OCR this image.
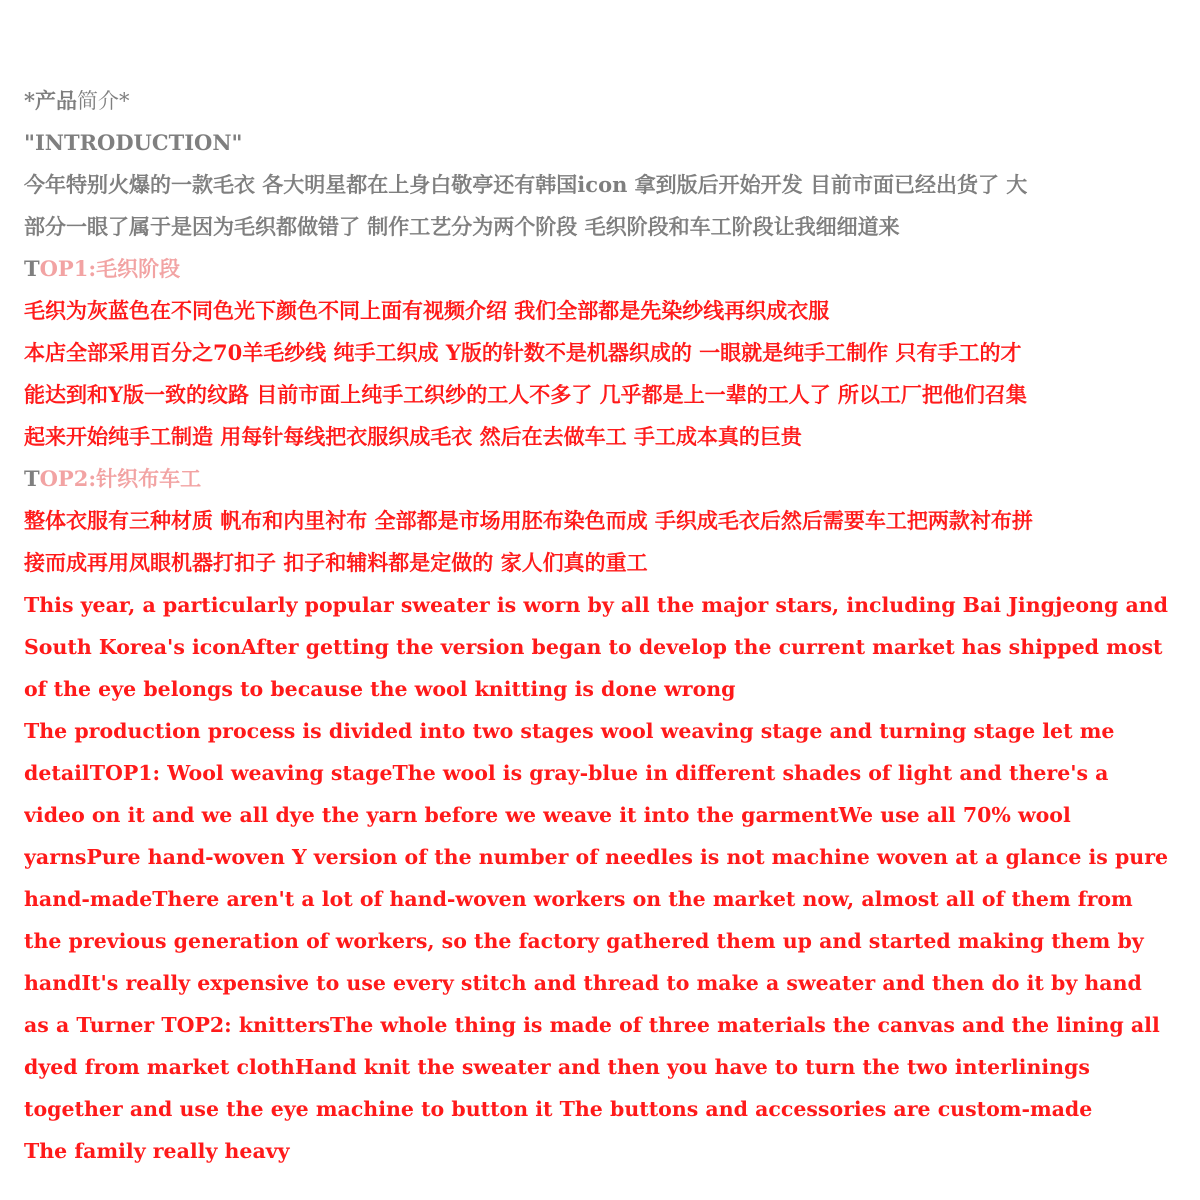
*产品简介*
"INTRODUCTION"
今年特别火爆的一款毛衣 各大明星都在上身白敬亭还有韩国icon 拿到版后开始开发 目前市面已经出货了 大
部分一眼了属于是因为毛织都做错了 制作工艺分为两个阶段 毛织阶段和车工阶段让我细细道来
TOP1:毛织阶段
毛织为灰蓝色在不同色光下颜色不同上面有视频介绍 我们全部都是先染纱线再织成衣服
本店全部采用百分之70羊毛纱线 纯手工织成 Y版的针数不是机器织成的 一眼就是纯手工制作 只有手工的才
能达到和Y版一致的纹路 目前市面上纯手工织纱的工人不多了 几乎都是上一辈的工人了 所以工厂把他们召集
起来开始纯手工制造 用每针每线把衣服织成毛衣 然后在去做车工 手工成本真的巨贵
TOP2:针织布车工
整体衣服有三种材质 帆布和内里衬布 全部都是市场用胚布染色而成 手织成毛衣后然后需要车工把两款衬布拼
接而成再用凤眼机器打扣子 扣子和辅料都是定做的 家人们真的重工
This year, a particularly popular sweater is worn by all the major stars, including Bai Jingjeong and
South Korea's iconAfter getting the version began to develop the current market has shipped most
of the eye belongs to because the wool knitting is done wrong
The production process is divided into two stages wool weaving stage and turning stage let me
detailTOP1: Wool weaving stageThe wool is gray-blue in different shades of light and there's a
video on it and we all dye the yarn before we weave it into the garmentWe use all 70% wool
yarnsPure hand-woven Y version of the number of needles is not machine woven at a glance is pure
hand-madeThere aren't a lot of hand-woven workers on the market now, almost all of them from
the previous generation of workers, so the factory gathered them up and started making them by
handIt's really expensive to use every stitch and thread to make a sweater and then do it by hand
as a Turner TOP2: knittersThe whole thing is made of three materials the canvas and the lining all
dyed from market clothHand knit the sweater and then you have to turn the two interlinings
together and use the eye machine to button it The buttons and accessories are custom-made
The family really heavy
